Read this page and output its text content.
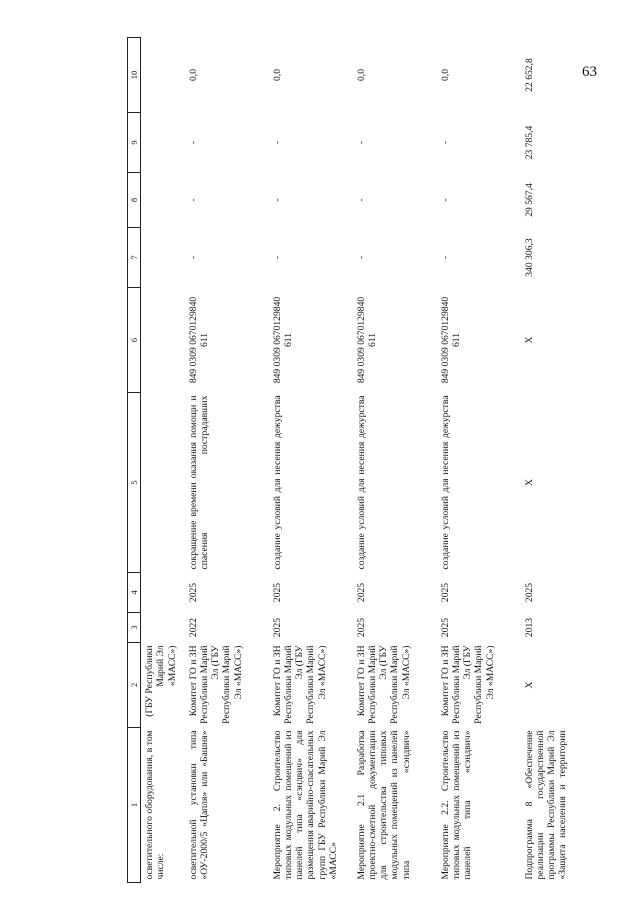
63
1	2	3	4	5	6	7	8	9	10
осветительного оборудования, в том числе:	(ГБУ Республики Марий Эл «МАСС»)								
осветительной установки типа «ОУ-2000/5 «Цапля» или «Башня»	Комитет ГО и ЗН Республики Марий Эл (ГБУ Республики Марий Эл «МАСС»)	2022	2025	сокращение времени оказания помощи и спасения пострадавших	849 0309 0670129840 611	-	-	-	0,0
Мероприятие 2. Строительство типовых модульных помещений из панелей типа «сэндвич» для размещения аварийно-спасательных групп ГБУ Республики Марий Эл «МАСС»	Комитет ГО и ЗН Республики Марий Эл (ГБУ Республики Марий Эл «МАСС»)	2025	2025	создание условий для несения дежурства	849 0309 0670129840 611	-	-	-	0,0
Мероприятие 2.1 Разработка проектно-сметной документации для строительства типовых модульных помещений из панелей типа «сэндвич»	Комитет ГО и ЗН Республики Марий Эл (ГБУ Республики Марий Эл «МАСС»)	2025	2025	создание условий для несения дежурства	849 0309 0670129840 611	-	-	-	0,0
Мероприятие 2.2. Строительство типовых модульных помещений из панелей типа «сэндвич»	Комитет ГО и ЗН Республики Марий Эл (ГБУ Республики Марий Эл «МАСС»)	2025	2025	создание условий для несения дежурства	849 0309 0670129840 611	-	-	-	0,0
Подпрограмма 8 «Обеспечение реализации государственной программы Республики Марий Эл «Защита населения и территории	X	2013	2025	X	X	340 306,3	29 567,4	23 785,4	22 652,8
